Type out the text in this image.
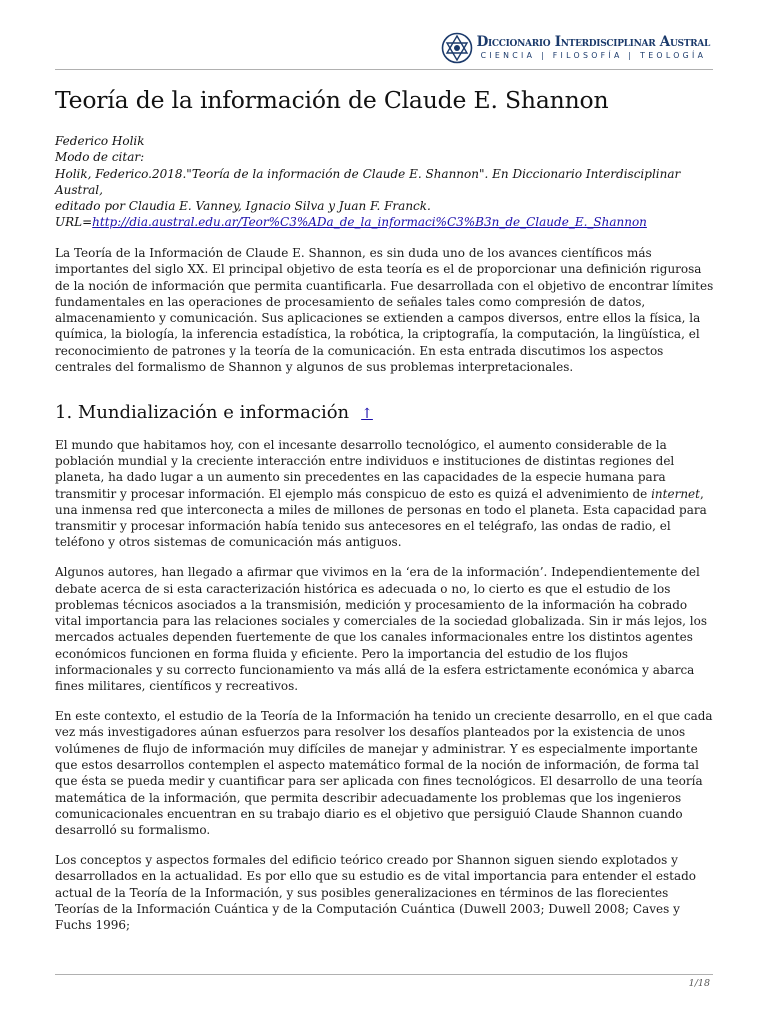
Diccionario Interdisciplinar Austral
CIENCIA | FILOSOFÍA | TEOLOGÍA
Teoría de la información de Claude E. Shannon
Federico Holik
Modo de citar:
Holik, Federico.2018."Teoría de la información de Claude E. Shannon". En Diccionario Interdisciplinar Austral,
editado por Claudia E. Vanney, Ignacio Silva y Juan F. Franck.
URL=http://dia.austral.edu.ar/Teor%C3%ADa_de_la_informaci%C3%B3n_de_Claude_E._Shannon

La Teoría de la Información de Claude E. Shannon, es sin duda uno de los avances científicos más importantes del siglo XX. El principal objetivo de esta teoría es el de proporcionar una definición rigurosa de la noción de información que permita cuantificarla. Fue desarrollada con el objetivo de encontrar límites fundamentales en las operaciones de procesamiento de señales tales como compresión de datos, almacenamiento y comunicación. Sus aplicaciones se extienden a campos diversos, entre ellos la física, la química, la biología, la inferencia estadística, la robótica, la criptografía, la computación, la lingüística, el reconocimiento de patrones y la teoría de la comunicación. En esta entrada discutimos los aspectos centrales del formalismo de Shannon y algunos de sus problemas interpretacionales.

1. Mundialización e información ↑

El mundo que habitamos hoy, con el incesante desarrollo tecnológico, el aumento considerable de la población mundial y la creciente interacción entre individuos e instituciones de distintas regiones del planeta, ha dado lugar a un aumento sin precedentes en las capacidades de la especie humana para transmitir y procesar información. El ejemplo más conspicuo de esto es quizá el advenimiento de internet, una inmensa red que interconecta a miles de millones de personas en todo el planeta. Esta capacidad para transmitir y procesar información había tenido sus antecesores en el telégrafo, las ondas de radio, el teléfono y otros sistemas de comunicación más antiguos.

Algunos autores, han llegado a afirmar que vivimos en la ‘era de la información’. Independientemente del debate acerca de si esta caracterización histórica es adecuada o no, lo cierto es que el estudio de los problemas técnicos asociados a la transmisión, medición y procesamiento de la información ha cobrado vital importancia para las relaciones sociales y comerciales de la sociedad globalizada. Sin ir más lejos, los mercados actuales dependen fuertemente de que los canales informacionales entre los distintos agentes económicos funcionen en forma fluida y eficiente. Pero la importancia del estudio de los flujos informacionales y su correcto funcionamiento va más allá de la esfera estrictamente económica y abarca fines militares, científicos y recreativos.

En este contexto, el estudio de la Teoría de la Información ha tenido un creciente desarrollo, en el que cada vez más investigadores aúnan esfuerzos para resolver los desafíos planteados por la existencia de unos volúmenes de flujo de información muy difíciles de manejar y administrar. Y es especialmente importante que estos desarrollos contemplen el aspecto matemático formal de la noción de información, de forma tal que ésta se pueda medir y cuantificar para ser aplicada con fines tecnológicos. El desarrollo de una teoría matemática de la información, que permita describir adecuadamente los problemas que los ingenieros comunicacionales encuentran en su trabajo diario es el objetivo que persiguió Claude Shannon cuando desarrolló su formalismo.

Los conceptos y aspectos formales del edificio teórico creado por Shannon siguen siendo explotados y desarrollados en la actualidad. Es por ello que su estudio es de vital importancia para entender el estado actual de la Teoría de la Información, y sus posibles generalizaciones en términos de las florecientes Teorías de la Información Cuántica y de la Computación Cuántica (Duwell 2003; Duwell 2008; Caves y Fuchs 1996;

1/18
